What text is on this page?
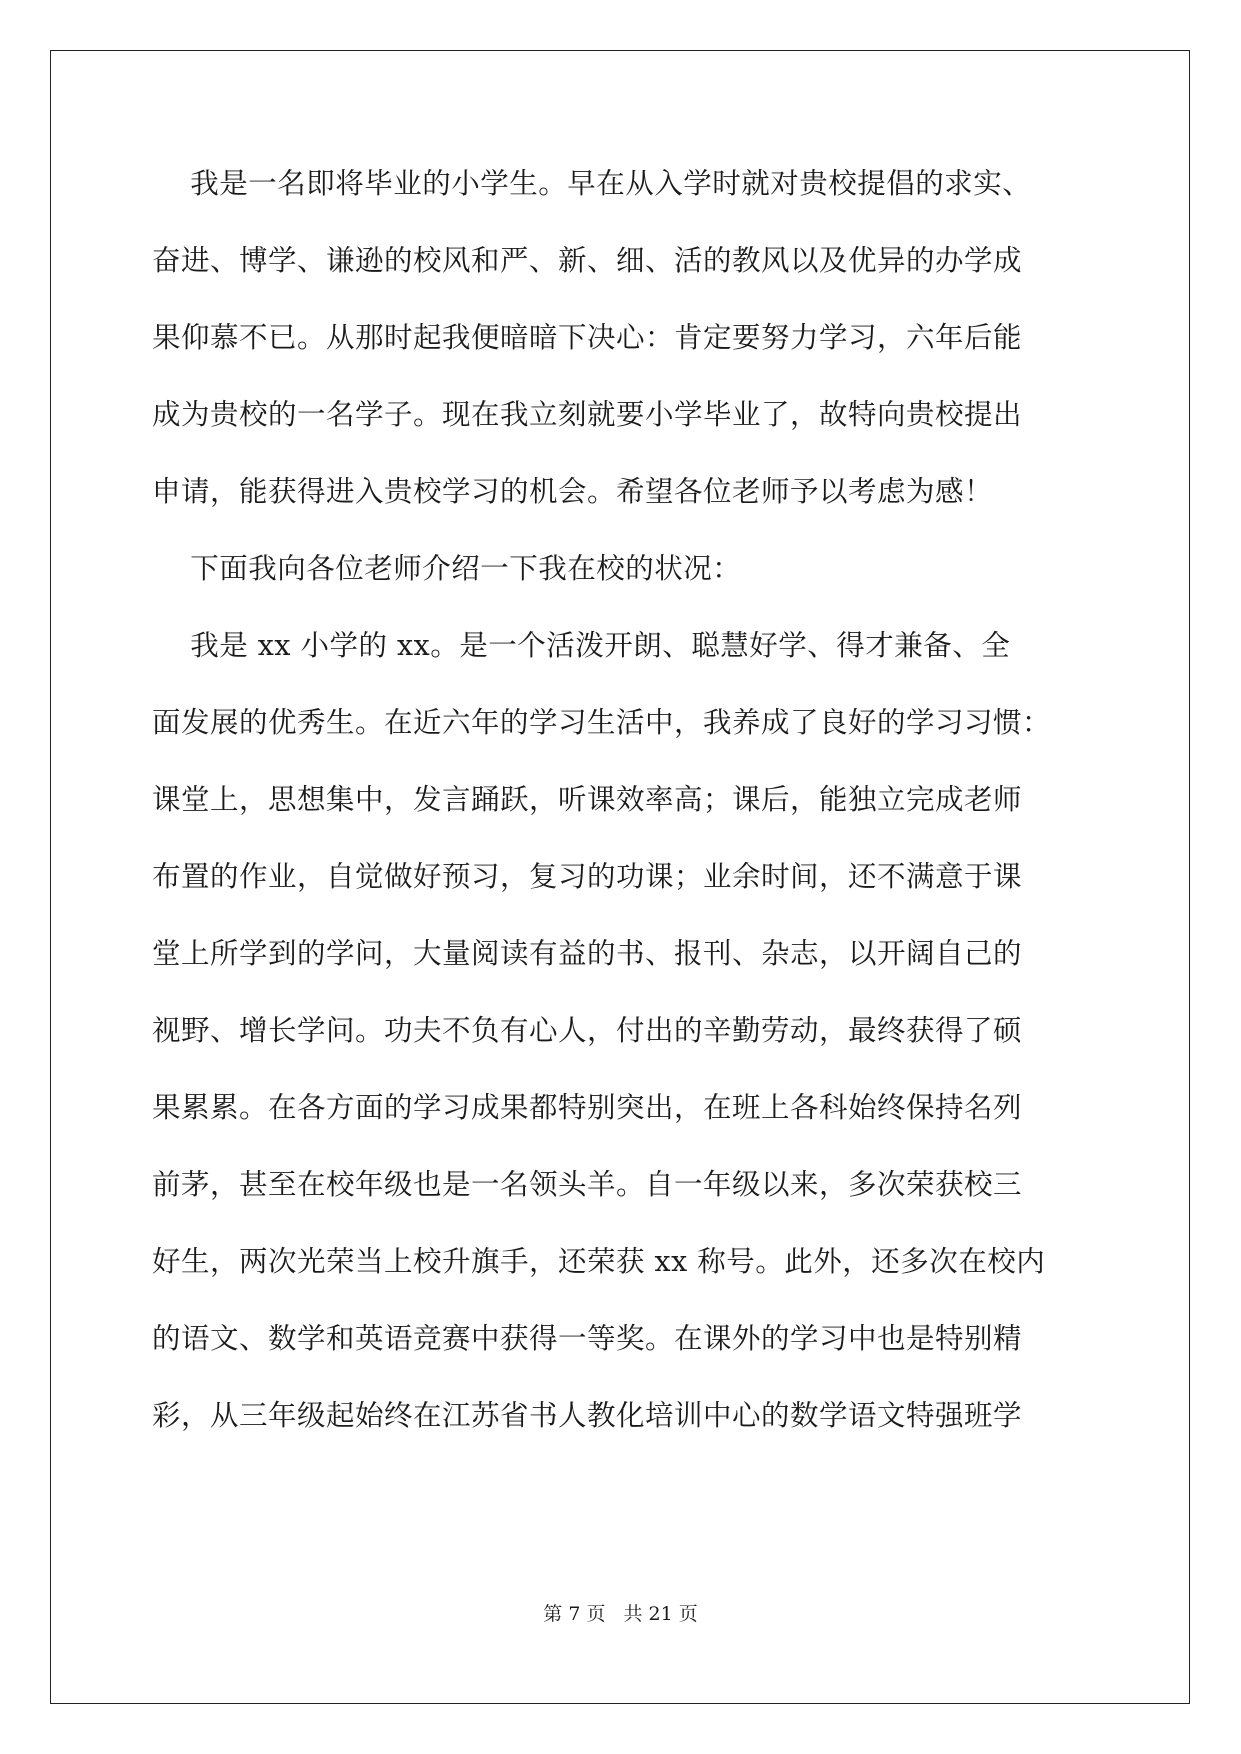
我是一名即将毕业的小学生。早在从入学时就对贵校提倡的求实、
奋进、博学、谦逊的校风和严、新、细、活的教风以及优异的办学成
果仰慕不已。从那时起我便暗暗下决心：肯定要努力学习，六年后能
成为贵校的一名学子。现在我立刻就要小学毕业了，故特向贵校提出
申请，能获得进入贵校学习的机会。希望各位老师予以考虑为感！
下面我向各位老师介绍一下我在校的状况：
我是 xx 小学的 xx。是一个活泼开朗、聪慧好学、得才兼备、全
面发展的优秀生。在近六年的学习生活中，我养成了良好的学习习惯：
课堂上，思想集中，发言踊跃，听课效率高；课后，能独立完成老师
布置的作业，自觉做好预习，复习的功课；业余时间，还不满意于课
堂上所学到的学问，大量阅读有益的书、报刊、杂志，以开阔自己的
视野、增长学问。功夫不负有心人，付出的辛勤劳动，最终获得了硕
果累累。在各方面的学习成果都特别突出，在班上各科始终保持名列
前茅，甚至在校年级也是一名领头羊。自一年级以来，多次荣获校三
好生，两次光荣当上校升旗手，还荣获 xx 称号。此外，还多次在校内
的语文、数学和英语竞赛中获得一等奖。在课外的学习中也是特别精
彩，从三年级起始终在江苏省书人教化培训中心的数学语文特强班学
第 7 页 共 21 页
